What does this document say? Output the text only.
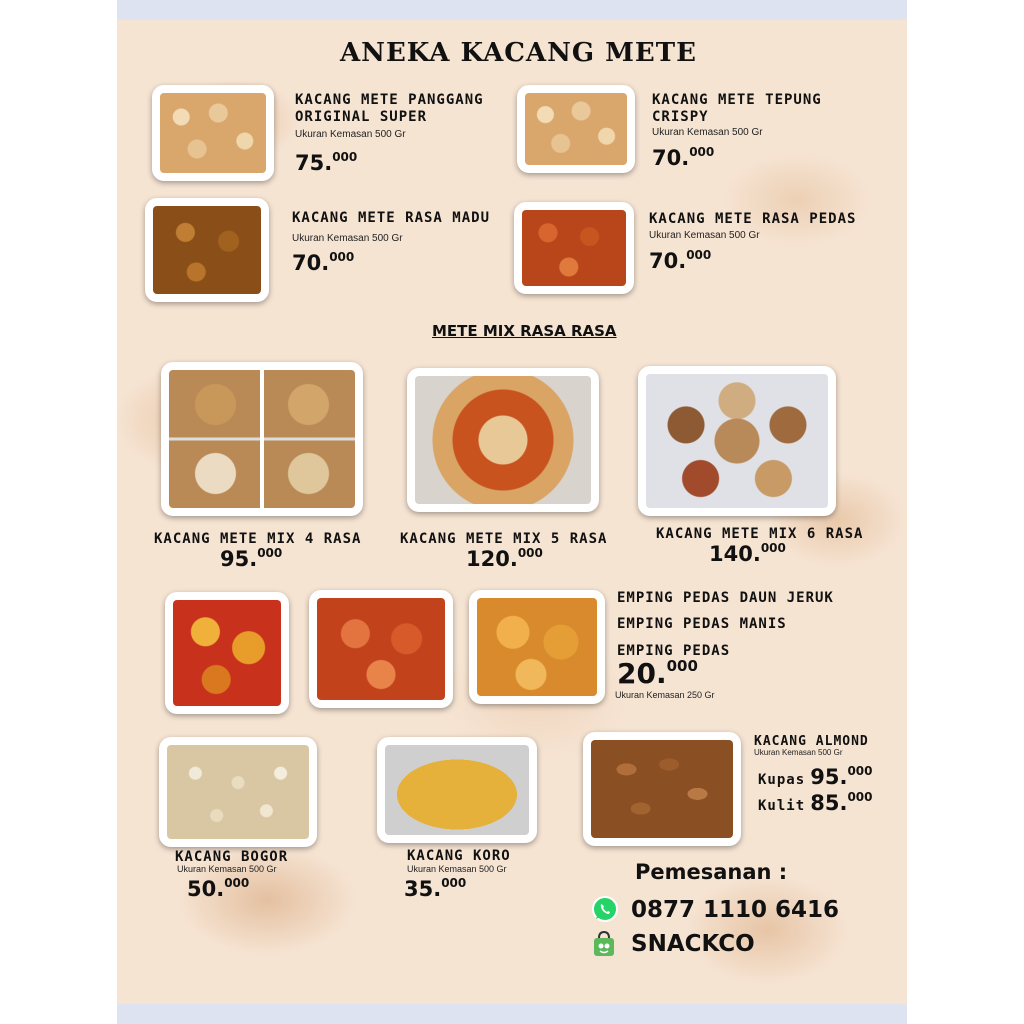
ANEKA KACANG METE
KACANG METE PANGGANG ORIGINAL SUPER
Ukuran Kemasan 500 Gr
75.$^{000}$
KACANG METE TEPUNG CRISPY
Ukuran Kemasan 500 Gr
70.$^{000}$
KACANG METE RASA MADU
Ukuran Kemasan 500 Gr
70.$^{000}$
KACANG METE RASA PEDAS
Ukuran Kemasan 500 Gr
70.$^{000}$
METE MIX RASA RASA
KACANG METE MIX 4 RASA
95.$^{000}$
KACANG METE MIX 5 RASA
120.$^{000}$
KACANG METE MIX 6 RASA
140.$^{000}$
EMPING PEDAS DAUN JERUK
EMPING PEDAS MANIS
EMPING PEDAS
20.$^{000}$
Ukuran Kemasan 250 Gr
KACANG BOGOR
Ukuran Kemasan 500 Gr
50.$^{000}$
KACANG KORO
Ukuran Kemasan 500 Gr
35.$^{000}$
KACANG ALMOND
Ukuran Kemasan 500 Gr
Kupas 95.$^{000}$
Kulit 85.$^{000}$
Pemesanan :
0877 1110 6416
SNACKCO
